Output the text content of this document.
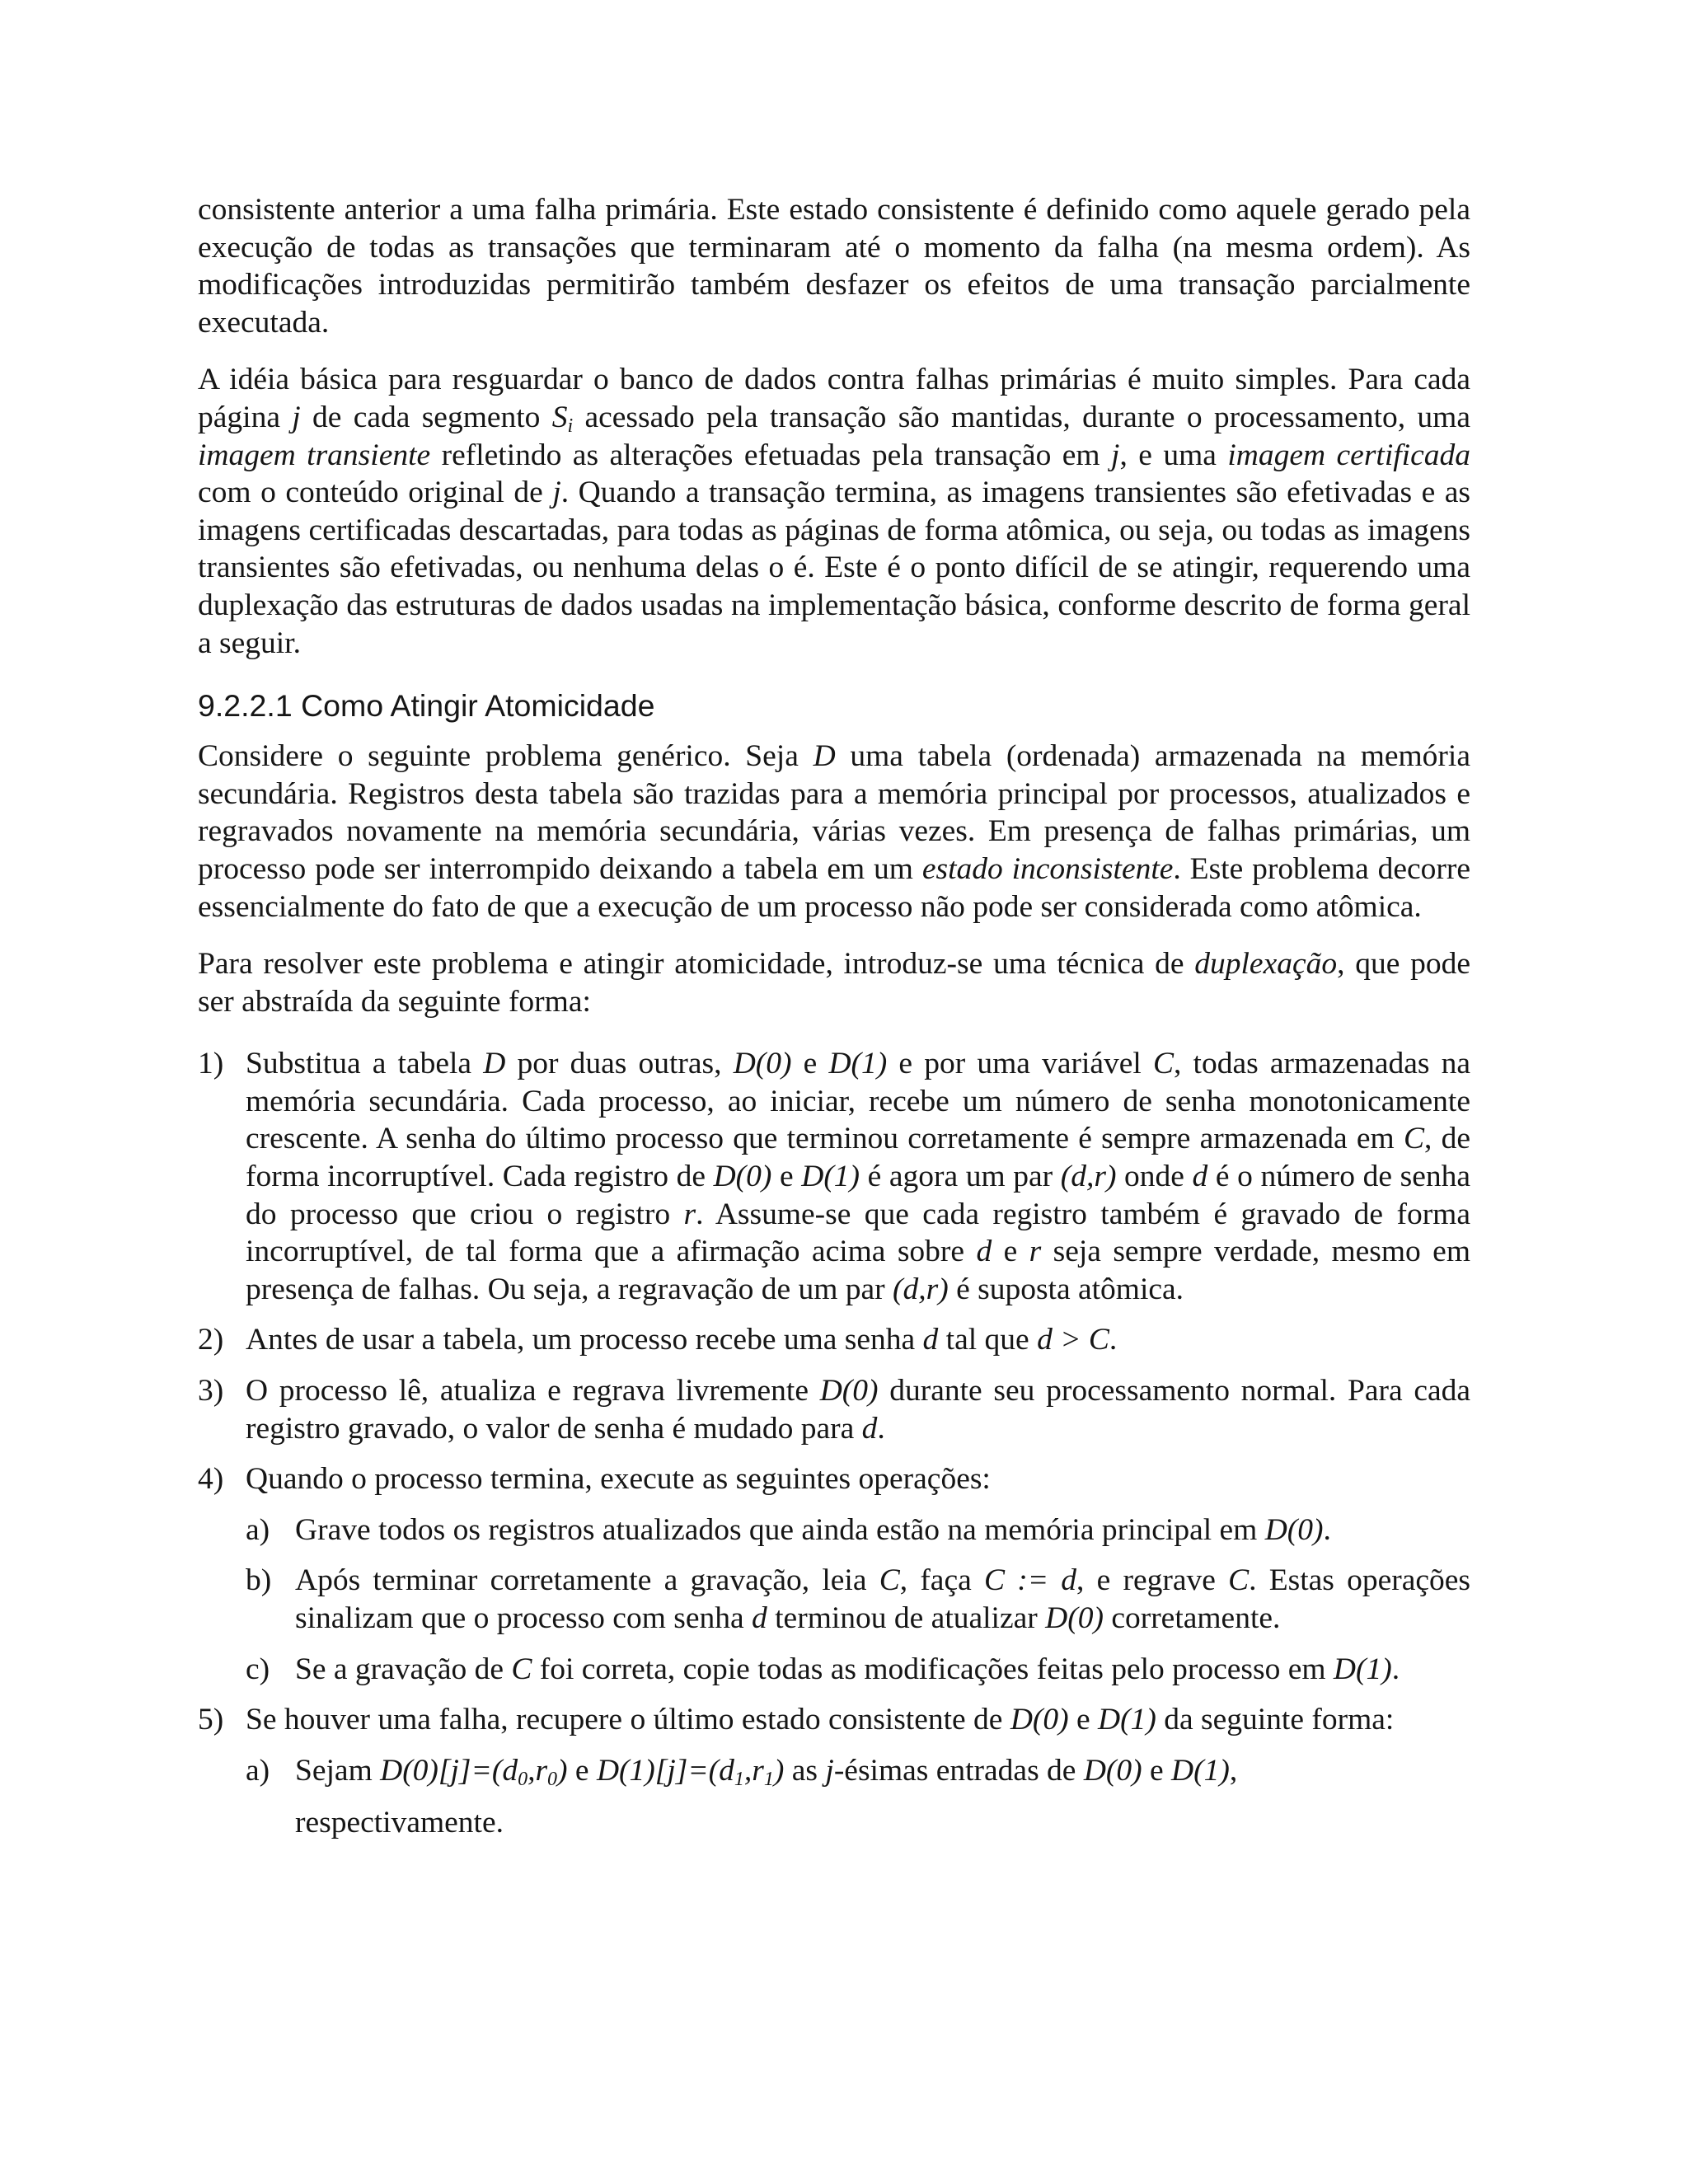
consistente anterior a uma falha primária. Este estado consistente é definido como aquele gerado pela execução de todas as transações que terminaram até o momento da falha (na mesma ordem). As modificações introduzidas permitirão também desfazer os efeitos de uma transação parcialmente executada.

A idéia básica para resguardar o banco de dados contra falhas primárias é muito simples. Para cada página j de cada segmento $S_i$ acessado pela transação são mantidas, durante o processamento, uma imagem transiente refletindo as alterações efetuadas pela transação em j, e uma imagem certificada com o conteúdo original de j. Quando a transação termina, as imagens transientes são efetivadas e as imagens certificadas descartadas, para todas as páginas de forma atômica, ou seja, ou todas as imagens transientes são efetivadas, ou nenhuma delas o é. Este é o ponto difícil de se atingir, requerendo uma duplexação das estruturas de dados usadas na implementação básica, conforme descrito de forma geral a seguir.

9.2.2.1 Como Atingir Atomicidade

Considere o seguinte problema genérico. Seja D uma tabela (ordenada) armazenada na memória secundária. Registros desta tabela são trazidas para a memória principal por processos, atualizados e regravados novamente na memória secundária, várias vezes. Em presença de falhas primárias, um processo pode ser interrompido deixando a tabela em um estado inconsistente. Este problema decorre essencialmente do fato de que a execução de um processo não pode ser considerada como atômica.

Para resolver este problema e atingir atomicidade, introduz-se uma técnica de duplexação, que pode ser abstraída da seguinte forma:

1) Substitua a tabela D por duas outras, D(0) e D(1) e por uma variável C, todas armazenadas na memória secundária. Cada processo, ao iniciar, recebe um número de senha monotonicamente crescente. A senha do último processo que terminou corretamente é sempre armazenada em C, de forma incorruptível. Cada registro de D(0) e D(1) é agora um par (d,r) onde d é o número de senha do processo que criou o registro r. Assume-se que cada registro também é gravado de forma incorruptível, de tal forma que a afirmação acima sobre d e r seja sempre verdade, mesmo em presença de falhas. Ou seja, a regravação de um par (d,r) é suposta atômica.
2) Antes de usar a tabela, um processo recebe uma senha d tal que d > C.
3) O processo lê, atualiza e regrava livremente D(0) durante seu processamento normal. Para cada registro gravado, o valor de senha é mudado para d.
4) Quando o processo termina, execute as seguintes operações:
a) Grave todos os registros atualizados que ainda estão na memória principal em D(0).
b) Após terminar corretamente a gravação, leia C, faça C := d, e regrave C. Estas operações sinalizam que o processo com senha d terminou de atualizar D(0) corretamente.
c) Se a gravação de C foi correta, copie todas as modificações feitas pelo processo em D(1).
5) Se houver uma falha, recupere o último estado consistente de D(0) e D(1) da seguinte forma:
a) Sejam $D(0)[j]=(d_0,r_0)$ e $D(1)[j]=(d_1,r_1)$ as j-ésimas entradas de D(0) e D(1),
respectivamente.
